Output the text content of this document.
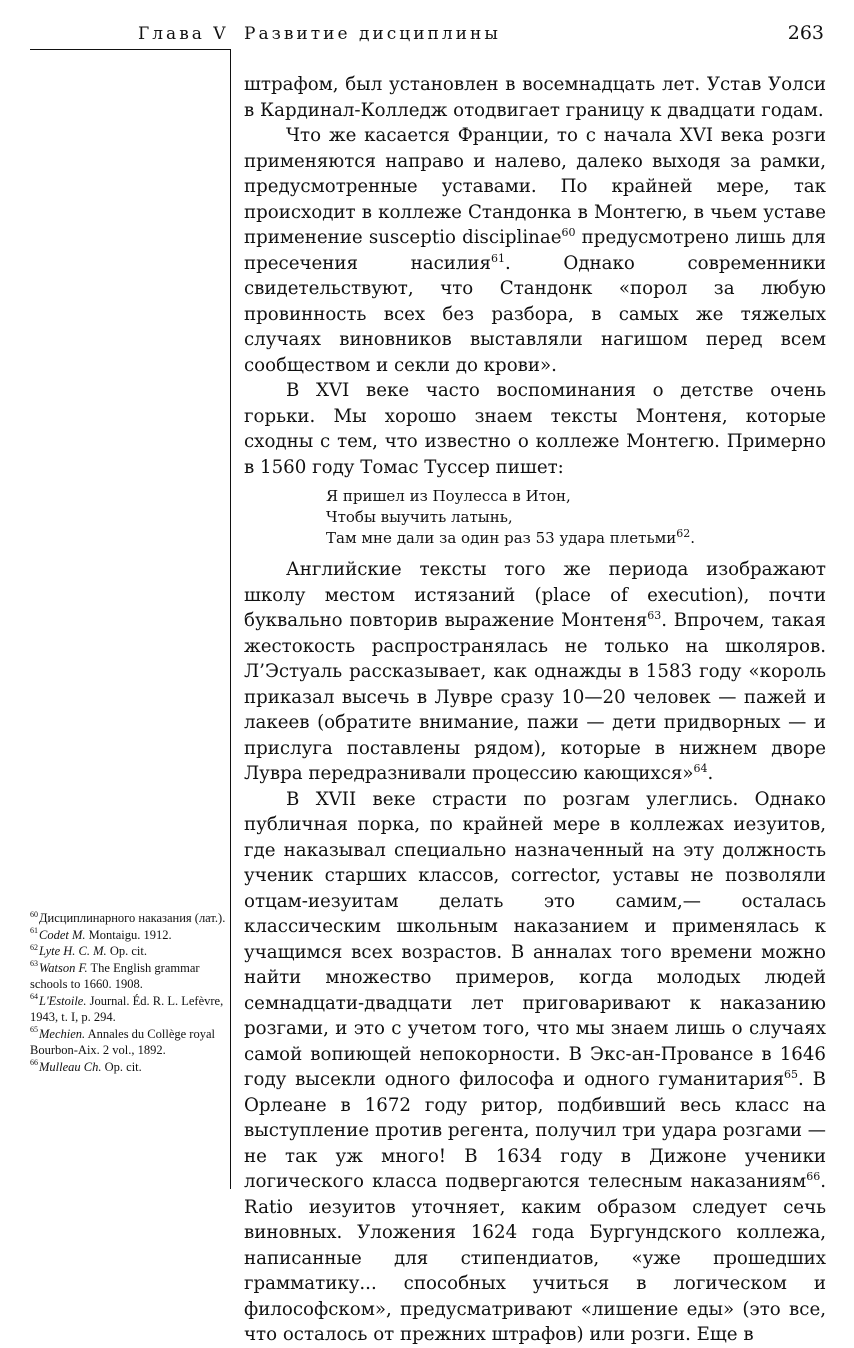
Глава V Развитие дисциплины	263

штрафом, был установлен в восемнадцать лет. Устав Уолси в Кардинал-Колледж отодвигает границу к двадцати годам.

Что же касается Франции, то с начала XVI века розги применяются направо и налево, далеко выходя за рамки, предусмотренные уставами. По крайней мере, так происходит в коллеже Стандонка в Монтегю, в чьем уставе применение susceptio disciplinae$^{60}$ предусмотрено лишь для пресечения насилия$^{61}$. Однако современники свидетельствуют, что Стандонк «порол за любую провинность всех без разбора, в самых же тяжелых случаях виновников выставляли нагишом перед всем сообществом и секли до крови».

В XVI веке часто воспоминания о детстве очень горьки. Мы хорошо знаем тексты Монтеня, которые сходны с тем, что известно о коллеже Монтегю. Примерно в 1560 году Томас Туссер пишет:

Я пришел из Поулесса в Итон,
Чтобы выучить латынь,
Там мне дали за один раз 53 удара плетьми$^{62}$.

Английские тексты того же периода изображают школу местом истязаний (place of execution), почти буквально повторив выражение Монтеня$^{63}$. Впрочем, такая жестокость распространялась не только на школяров. Л’Эстуаль рассказывает, как однажды в 1583 году «король приказал высечь в Лувре сразу 10—20 человек — пажей и лакеев (обратите внимание, пажи — дети придворных — и прислуга поставлены рядом), которые в нижнем дворе Лувра передразнивали процессию кающихся»$^{64}$.

В XVII веке страсти по розгам улеглись. Однако публичная порка, по крайней мере в коллежах иезуитов, где наказывал специально назначенный на эту должность ученик старших классов, corrector, уставы не позволяли отцам-иезуитам делать это самим,— осталась классическим школьным наказанием и применялась к учащимся всех возрастов. В анналах того времени можно найти множество примеров, когда молодых людей семнадцати-двадцати лет приговаривают к наказанию розгами, и это с учетом того, что мы знаем лишь о случаях самой вопиющей непокорности. В Экс-ан-Провансе в 1646 году высекли одного философа и одного гуманитария$^{65}$. В Орлеане в 1672 году ритор, подбивший весь класс на выступление против регента, получил три удара розгами — не так уж много! В 1634 году в Дижоне ученики логического класса подвергаются телесным наказаниям$^{66}$. Ratio иезуитов уточняет, каким образом следует сечь виновных. Уложения 1624 года Бургундского коллежа, написанные для стипендиатов, «уже прошедших грамматику... способных учиться в логическом и философском», предусматривают «лишение еды» (это все, что осталось от прежних штрафов) или розги. Еще в

$^{60}$Дисциплинарного наказания (лат.).

$^{61}$Codet M. Montaigu. 1912.

$^{62}$Lyte H. C. M. Op. cit.

$^{63}$Watson F. The English grammar schools to 1660. 1908.

$^{64}$L'Estoile. Journal. Éd. R. L. Lefèvre, 1943, t. I, p. 294.

$^{65}$Mechien. Annales du Collège royal Bourbon-Aix. 2 vol., 1892.

$^{66}$Mulleau Ch. Op. cit.
